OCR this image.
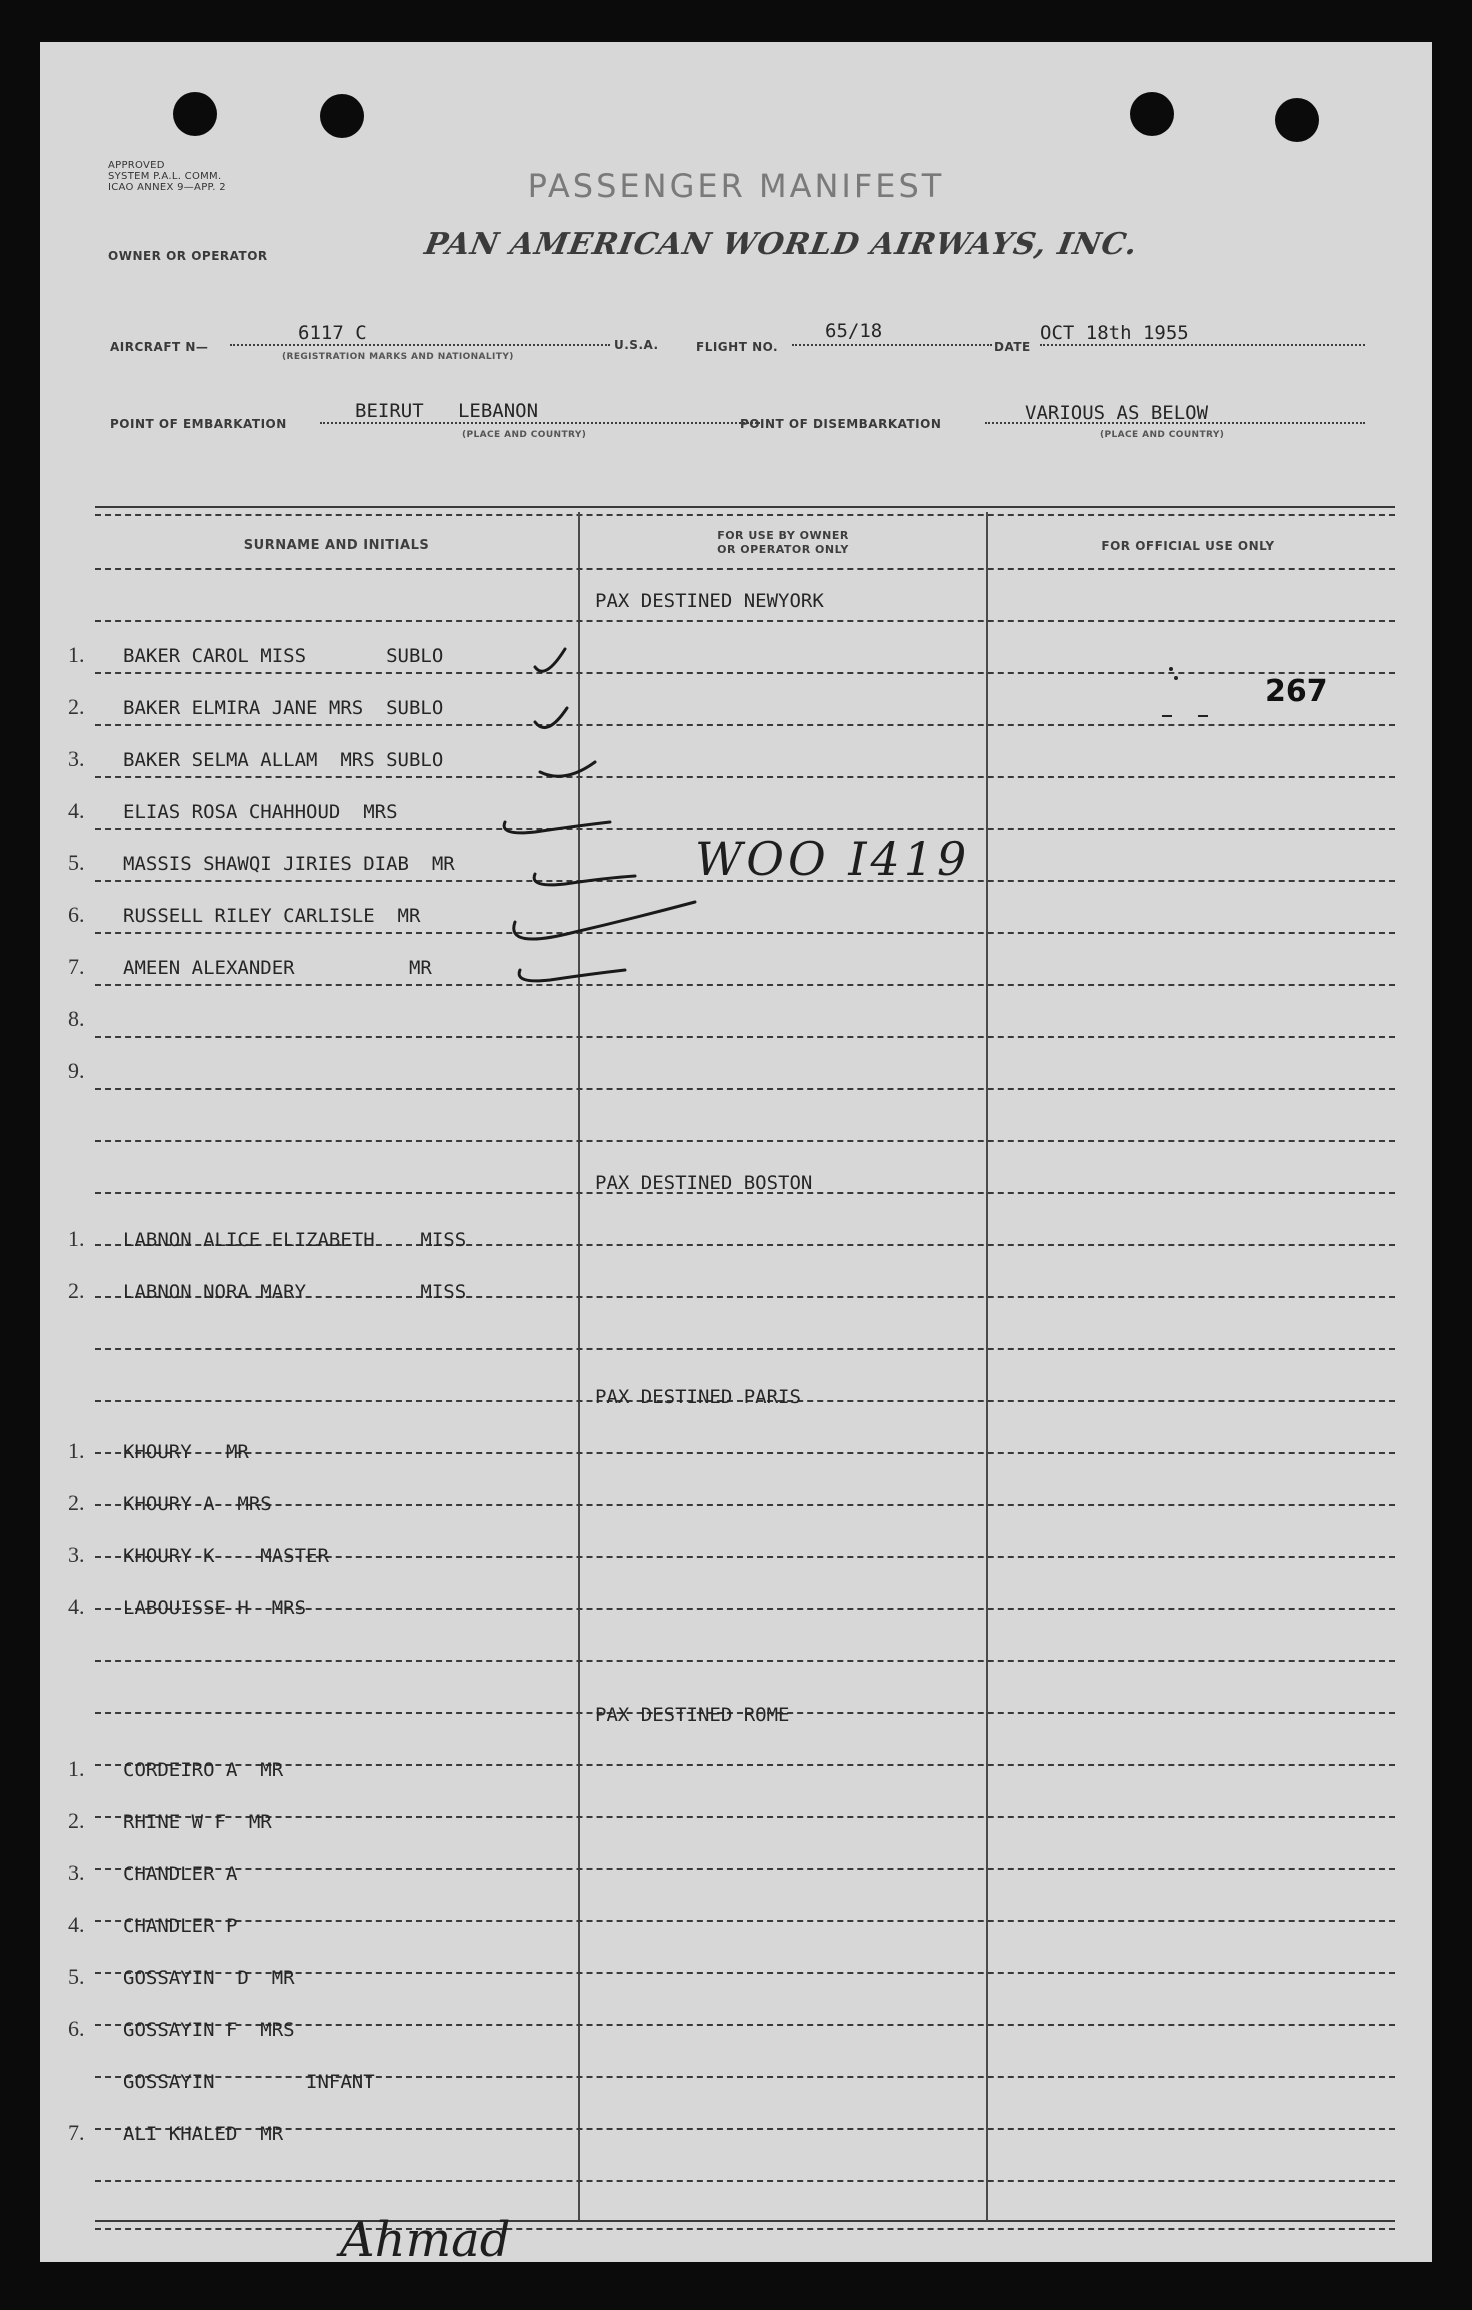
APPROVED
SYSTEM P.A.L. COMM.
ICAO ANNEX 9—APP. 2	PASSENGER MANIFEST
OWNER OR OPERATOR	PAN AMERICAN WORLD AIRWAYS, INC.
AIRCRAFT N—
6117 C
(REGISTRATION MARKS AND NATIONALITY)
U.S.A.	FLIGHT NO.
65/18
DATE
OCT 18th 1955
POINT OF EMBARKATION
BEIRUT   LEBANON
(PLACE AND COUNTRY)
POINT OF DISEMBARKATION	VARIOUS AS BELOW
(PLACE AND COUNTRY)
SURNAME AND INITIALS
FOR USE BY OWNER
OR OPERATOR ONLY	FOR OFFICIAL USE ONLY
PAX DESTINED NEWYORK
1. BAKER CAROL MISS       SUBLO
2. BAKER ELMIRA JANE MRS  SUBLO
3. BAKER SELMA ALLAM  MRS SUBLO
4. ELIAS ROSA CHAHHOUD  MRS
5. MASSIS SHAWQI JIRIES DIAB  MR
6. RUSSELL RILEY CARLISLE  MR
7. AMEEN ALEXANDER          MR
8.
9.
PAX DESTINED BOSTON
1. LABNON ALICE ELIZABETH    MISS
2. LABNON NORA MARY          MISS
PAX DESTINED PARIS
1. KHOURY   MR
2. KHOURY A  MRS
3. KHOURY K    MASTER
4. LABOUISSE H  MRS
PAX DESTINED ROME
1. CORDEIRO A  MR
2. RHINE W F  MR
3. CHANDLER A
4. CHANDLER P
5. GOSSAYIN  D  MR
6. GOSSAYIN F  MRS
GOSSAYIN        INFANT
7. ALI KHALED  MR
267
WOO I419
Ahmad
